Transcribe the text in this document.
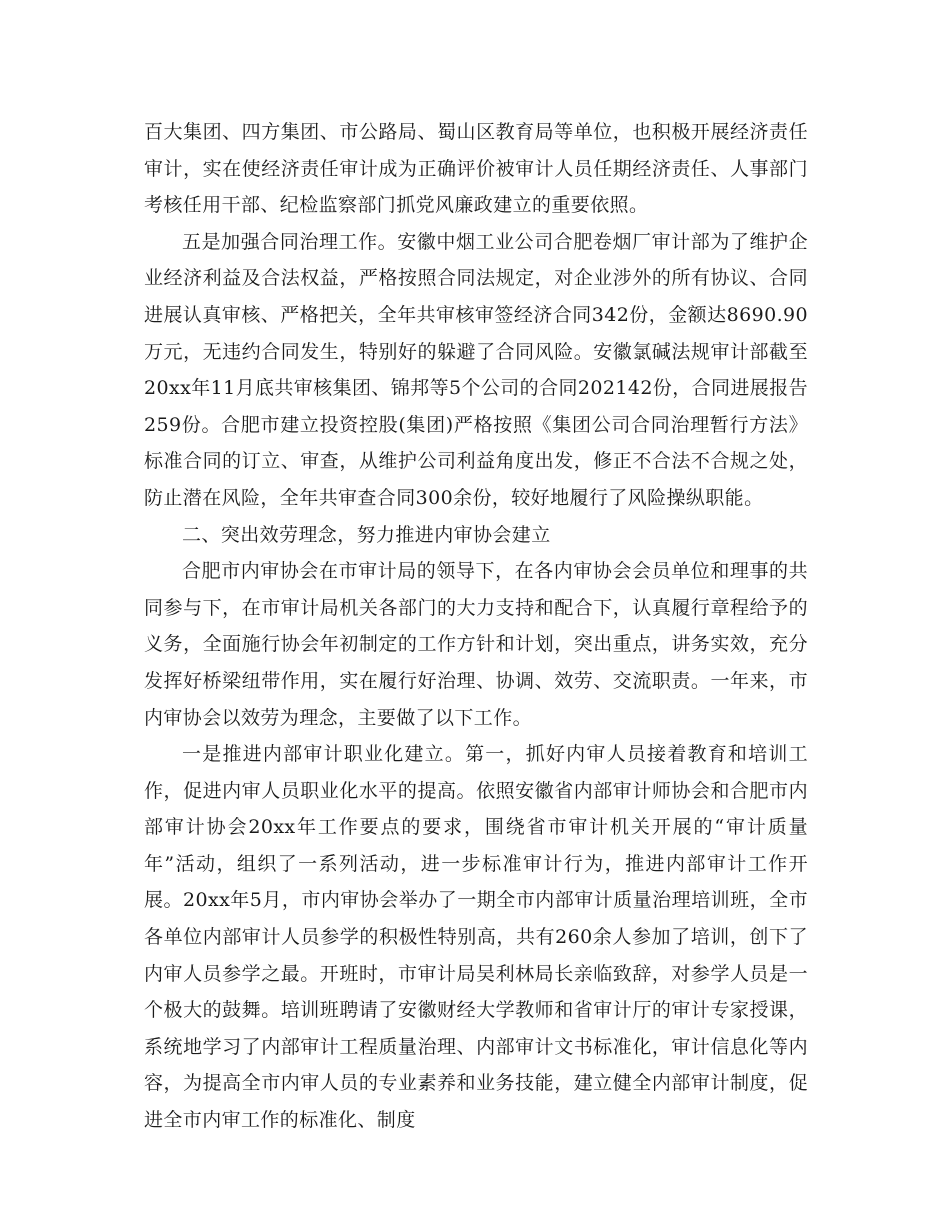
百大集团、四方集团、市公路局、蜀山区教育局等单位，也积极开展经济责任审计，实在使经济责任审计成为正确评价被审计人员任期经济责任、人事部门考核任用干部、纪检监察部门抓党风廉政建立的重要依照。

五是加强合同治理工作。安徽中烟工业公司合肥卷烟厂审计部为了维护企业经济利益及合法权益，严格按照合同法规定，对企业涉外的所有协议、合同进展认真审核、严格把关，全年共审核审签经济合同342份，金额达8690.90万元，无违约合同发生，特别好的躲避了合同风险。安徽氯碱法规审计部截至20xx年11月底共审核集团、锦邦等5个公司的合同202142份，合同进展报告259份。合肥市建立投资控股(集团)严格按照《集团公司合同治理暂行方法》标准合同的订立、审查，从维护公司利益角度出发，修正不合法不合规之处，防止潜在风险，全年共审查合同300余份，较好地履行了风险操纵职能。

二、突出效劳理念，努力推进内审协会建立

合肥市内审协会在市审计局的领导下，在各内审协会会员单位和理事的共同参与下，在市审计局机关各部门的大力支持和配合下，认真履行章程给予的义务，全面施行协会年初制定的工作方针和计划，突出重点，讲务实效，充分发挥好桥梁纽带作用，实在履行好治理、协调、效劳、交流职责。一年来，市内审协会以效劳为理念，主要做了以下工作。

一是推进内部审计职业化建立。第一，抓好内审人员接着教育和培训工作，促进内审人员职业化水平的提高。依照安徽省内部审计师协会和合肥市内部审计协会20xx年工作要点的要求，围绕省市审计机关开展的“审计质量年”活动，组织了一系列活动，进一步标准审计行为，推进内部审计工作开展。20xx年5月，市内审协会举办了一期全市内部审计质量治理培训班，全市各单位内部审计人员参学的积极性特别高，共有260余人参加了培训，创下了内审人员参学之最。开班时，市审计局吴利林局长亲临致辞，对参学人员是一个极大的鼓舞。培训班聘请了安徽财经大学教师和省审计厅的审计专家授课，系统地学习了内部审计工程质量治理、内部审计文书标准化，审计信息化等内容，为提高全市内审人员的专业素养和业务技能，建立健全内部审计制度，促进全市内审工作的标准化、制度
